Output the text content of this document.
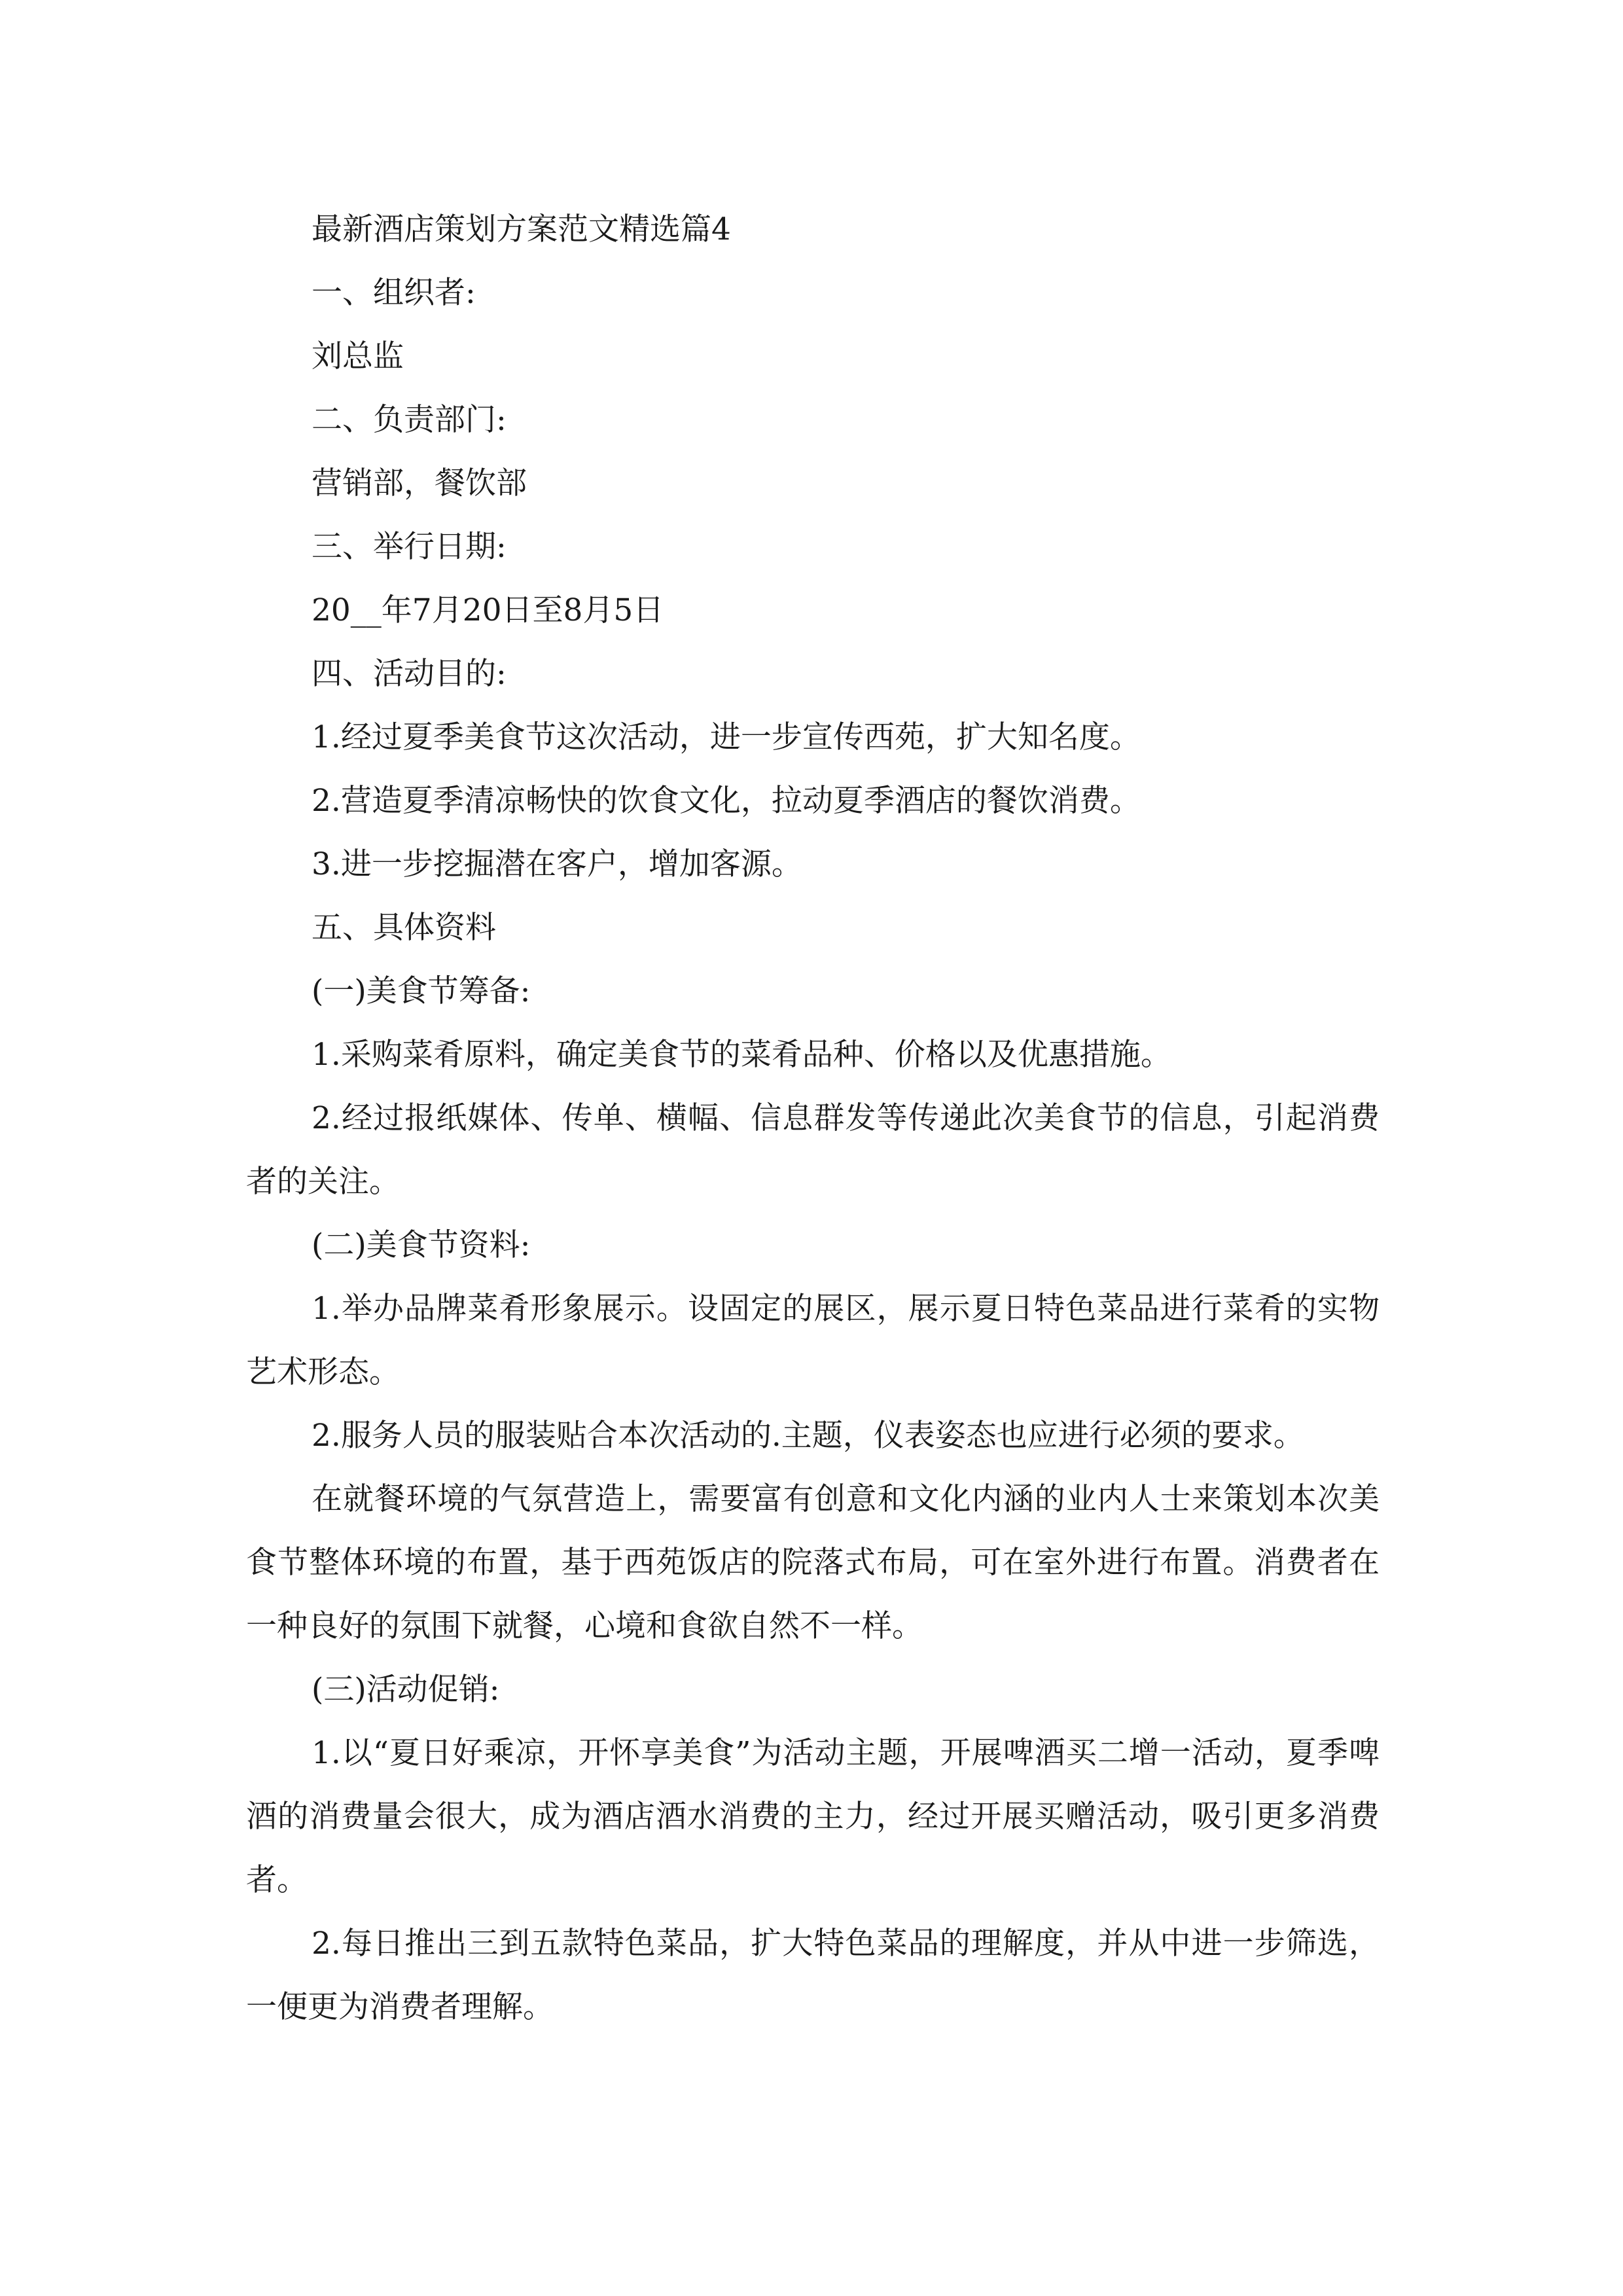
最新酒店策划方案范文精选篇4

一、组织者:

刘总监

二、负责部门:

营销部，餐饮部

三、举行日期:

20__年7月20日至8月5日

四、活动目的:

1.经过夏季美食节这次活动，进一步宣传西苑，扩大知名度。

2.营造夏季清凉畅快的饮食文化，拉动夏季酒店的餐饮消费。

3.进一步挖掘潜在客户，增加客源。

五、具体资料

(一)美食节筹备:

1.采购菜肴原料，确定美食节的菜肴品种、价格以及优惠措施。

2.经过报纸媒体、传单、横幅、信息群发等传递此次美食节的信息，引起消费者的关注。

(二)美食节资料:

1.举办品牌菜肴形象展示。设固定的展区，展示夏日特色菜品进行菜肴的实物艺术形态。

2.服务人员的服装贴合本次活动的.主题，仪表姿态也应进行必须的要求。

在就餐环境的气氛营造上，需要富有创意和文化内涵的业内人士来策划本次美食节整体环境的布置，基于西苑饭店的院落式布局，可在室外进行布置。消费者在一种良好的氛围下就餐，心境和食欲自然不一样。

(三)活动促销:

1.以“夏日好乘凉，开怀享美食”为活动主题，开展啤酒买二增一活动，夏季啤酒的消费量会很大，成为酒店酒水消费的主力，经过开展买赠活动，吸引更多消费者。

2.每日推出三到五款特色菜品，扩大特色菜品的理解度，并从中进一步筛选，一便更为消费者理解。
